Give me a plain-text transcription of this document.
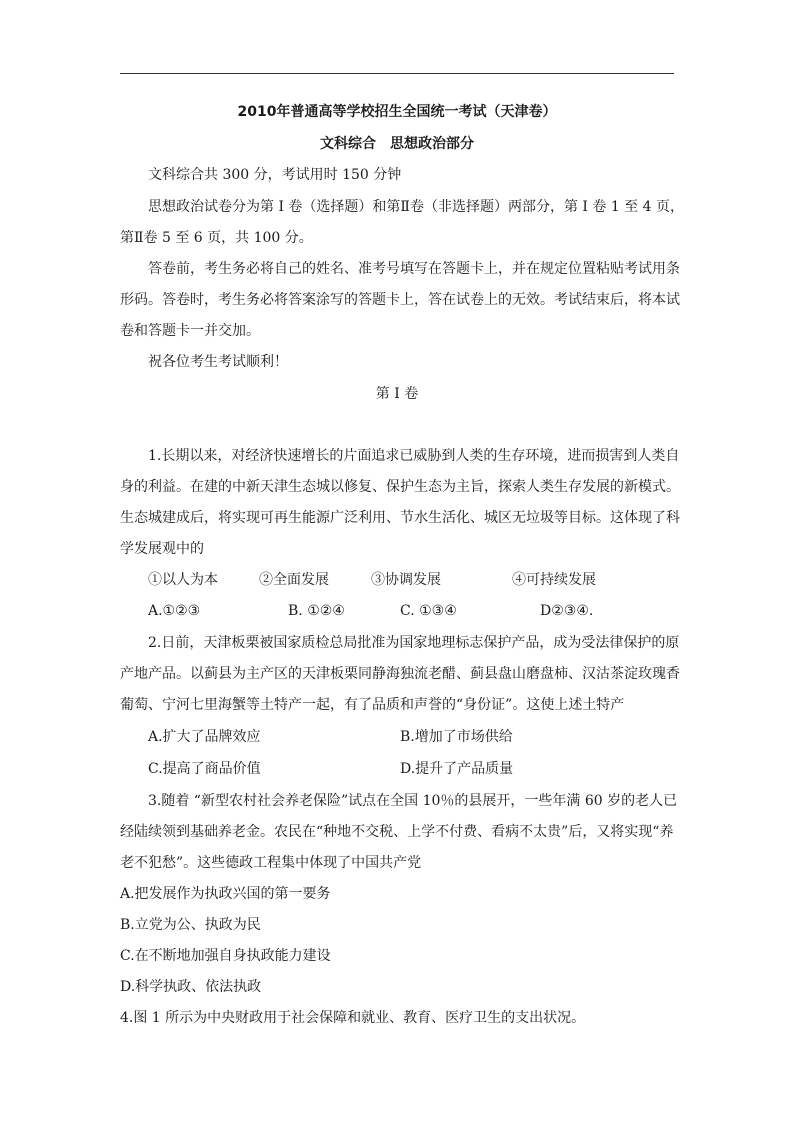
2010年普通高等学校招生全国统一考试（天津卷）
文科综合　思想政治部分
文科综合共 300 分，考试用时 150 分钟
思想政治试卷分为第 I 卷（选择题）和第Ⅱ卷（非选择题）两部分，第 I 卷 1 至 4 页，
第Ⅱ卷 5 至 6 页，共 100 分。
答卷前，考生务必将自己的姓名、准考号填写在答题卡上，并在规定位置粘贴考试用条
形码。答卷时，考生务必将答案涂写的答题卡上，答在试卷上的无效。考试结束后，将本试
卷和答题卡一并交加。
祝各位考生考试顺利！
第 I 卷
1.长期以来，对经济快速增长的片面追求已威胁到人类的生存环境，进而损害到人类自
身的利益。在建的中新天津生态城以修复、保护生态为主旨，探索人类生存发展的新模式。
生态城建成后，将实现可再生能源广泛利用、节水生活化、城区无垃圾等目标。这体现了科
学发展观中的
①以人为本	②全面发展	③协调发展	④可持续发展
A.①②③	B. ①②④	C. ①③④	D②③④.
2.日前，天津板栗被国家质检总局批准为国家地理标志保护产品，成为受法律保护的原
产地产品。以蓟县为主产区的天津板栗同静海独流老醋、蓟县盘山磨盘柿、汉沽茶淀玫瑰香
葡萄、宁河七里海蟹等土特产一起，有了品质和声誉的“身份证”。这使上述土特产
A.扩大了品牌效应	B.增加了市场供给
C.提高了商品价值	D.提升了产品质量
3.随着 “新型农村社会养老保险”试点在全国 10％的县展开，一些年满 60 岁的老人已
经陆续领到基础养老金。农民在“种地不交税、上学不付费、看病不太贵”后，又将实现“养
老不犯愁”。这些德政工程集中体现了中国共产党
A.把发展作为执政兴国的第一要务
B.立党为公、执政为民
C.在不断地加强自身执政能力建设
D.科学执政、依法执政
4.图 1 所示为中央财政用于社会保障和就业、教育、医疗卫生的支出状况。
